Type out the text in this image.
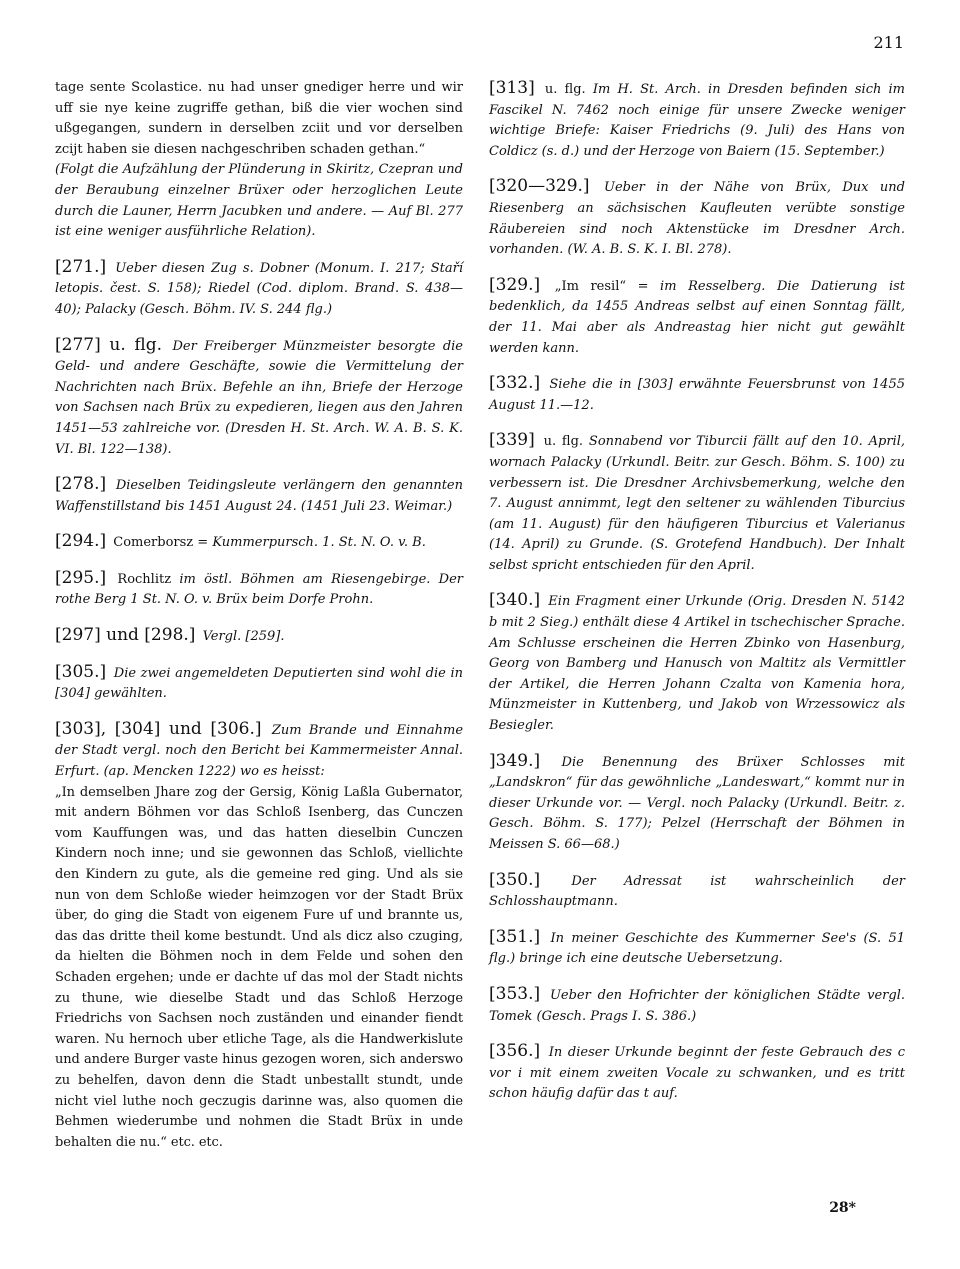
211

tage sente Scolastice. nu had unser gnediger herre und wir uff sie nye keine zugriffe gethan, biß die vier wochen sind ußgegangen, sundern in derselben zciit und vor derselben zcijt haben sie diesen nachgeschriben schaden gethan.“

(Folgt die Aufzählung der Plünderung in Skiritz, Czepran und der Beraubung einzelner Brüxer oder herzoglichen Leute durch die Launer, Herrn Jacubken und andere. — Auf Bl. 277 ist eine weniger ausführliche Relation).

[271.] Ueber diesen Zug s. Dobner (Monum. I. 217; Staří letopis. čest. S. 158); Riedel (Cod. diplom. Brand. S. 438—40); Palacky (Gesch. Böhm. IV. S. 244 flg.)

[277] u. flg. Der Freiberger Münzmeister besorgte die Geld- und andere Geschäfte, sowie die Vermittelung der Nachrichten nach Brüx. Befehle an ihn, Briefe der Herzoge von Sachsen nach Brüx zu expedieren, liegen aus den Jahren 1451—53 zahlreiche vor. (Dresden H. St. Arch. W. A. B. S. K. VI. Bl. 122—138).

[278.] Dieselben Teidingsleute verlängern den genannten Waffenstillstand bis 1451 August 24. (1451 Juli 23. Weimar.)

[294.] Comerborsz = Kummerpursch. 1. St. N. O. v. B.

[295.] Rochlitz im östl. Böhmen am Riesengebirge. Der rothe Berg 1 St. N. O. v. Brüx beim Dorfe Prohn.

[297] und [298.] Vergl. [259].

[305.] Die zwei angemeldeten Deputierten sind wohl die in [304] gewählten.

[303], [304] und [306.] Zum Brande und Einnahme der Stadt vergl. noch den Bericht bei Kammermeister Annal. Erfurt. (ap. Mencken 1222) wo es heisst:

„In demselben Jhare zog der Gersig, König Laßla Gubernator, mit andern Böhmen vor das Schloß Isenberg, das Cunczen vom Kauffungen was, und das hatten dieselbin Cunczen Kindern noch inne; und sie gewonnen das Schloß, viellichte den Kindern zu gute, als die gemeine red ging. Und als sie nun von dem Schloße wieder heimzogen vor der Stadt Brüx über, do ging die Stadt von eigenem Fure uf und brannte us, das das dritte theil kome bestundt. Und als dicz also czuging, da hielten die Böhmen noch in dem Felde und sohen den Schaden ergehen; unde er dachte uf das mol der Stadt nichts zu thune, wie dieselbe Stadt und das Schloß Herzoge Friedrichs von Sachsen noch zuständen und einander fiendt waren. Nu hernoch uber etliche Tage, als die Handwerkislute und andere Burger vaste hinus gezogen woren, sich anderswo zu behelfen, davon denn die Stadt unbestallt stundt, unde nicht viel luthe noch geczugis darinne was, also quomen die Behmen wiederumbe und nohmen die Stadt Brüx in unde behalten die nu.“ etc. etc.

[313] u. flg. Im H. St. Arch. in Dresden befinden sich im Fascikel N. 7462 noch einige für unsere Zwecke weniger wichtige Briefe: Kaiser Friedrichs (9. Juli) des Hans von Coldicz (s. d.) und der Herzoge von Baiern (15. September.)

[320—329.] Ueber in der Nähe von Brüx, Dux und Riesenberg an sächsischen Kaufleuten verübte sonstige Räubereien sind noch Aktenstücke im Dresdner Arch. vorhanden. (W. A. B. S. K. I. Bl. 278).

[329.] „Im resil“ = im Resselberg. Die Datierung ist bedenklich, da 1455 Andreas selbst auf einen Sonntag fällt, der 11. Mai aber als Andreastag hier nicht gut gewählt werden kann.

[332.] Siehe die in [303] erwähnte Feuersbrunst von 1455 August 11.—12.

[339] u. flg. Sonnabend vor Tiburcii fällt auf den 10. April, wornach Palacky (Urkundl. Beitr. zur Gesch. Böhm. S. 100) zu verbessern ist. Die Dresdner Archivsbemerkung, welche den 7. August annimmt, legt den seltener zu wählenden Tiburcius (am 11. August) für den häufigeren Tiburcius et Valerianus (14. April) zu Grunde. (S. Grotefend Handbuch). Der Inhalt selbst spricht entschieden für den April.

[340.] Ein Fragment einer Urkunde (Orig. Dresden N. 5142 b mit 2 Sieg.) enthält diese 4 Artikel in tschechischer Sprache. Am Schlusse erscheinen die Herren Zbinko von Hasenburg, Georg von Bamberg und Hanusch von Maltitz als Vermittler der Artikel, die Herren Johann Czalta von Kamenia hora, Münzmeister in Kuttenberg, und Jakob von Wrzessowicz als Besiegler.

]349.] Die Benennung des Brüxer Schlosses mit „Landskron“ für das gewöhnliche „Landeswart,“ kommt nur in dieser Urkunde vor. — Vergl. noch Palacky (Urkundl. Beitr. z. Gesch. Böhm. S. 177); Pelzel (Herrschaft der Böhmen in Meissen S. 66—68.)

[350.] Der Adressat ist wahrscheinlich der Schlosshauptmann.

[351.] In meiner Geschichte des Kummerner See's (S. 51 flg.) bringe ich eine deutsche Uebersetzung.

[353.] Ueber den Hofrichter der königlichen Städte vergl. Tomek (Gesch. Prags I. S. 386.)

[356.] In dieser Urkunde beginnt der feste Gebrauch des c vor i mit einem zweiten Vocale zu schwanken, und es tritt schon häufig dafür das t auf.

28*
